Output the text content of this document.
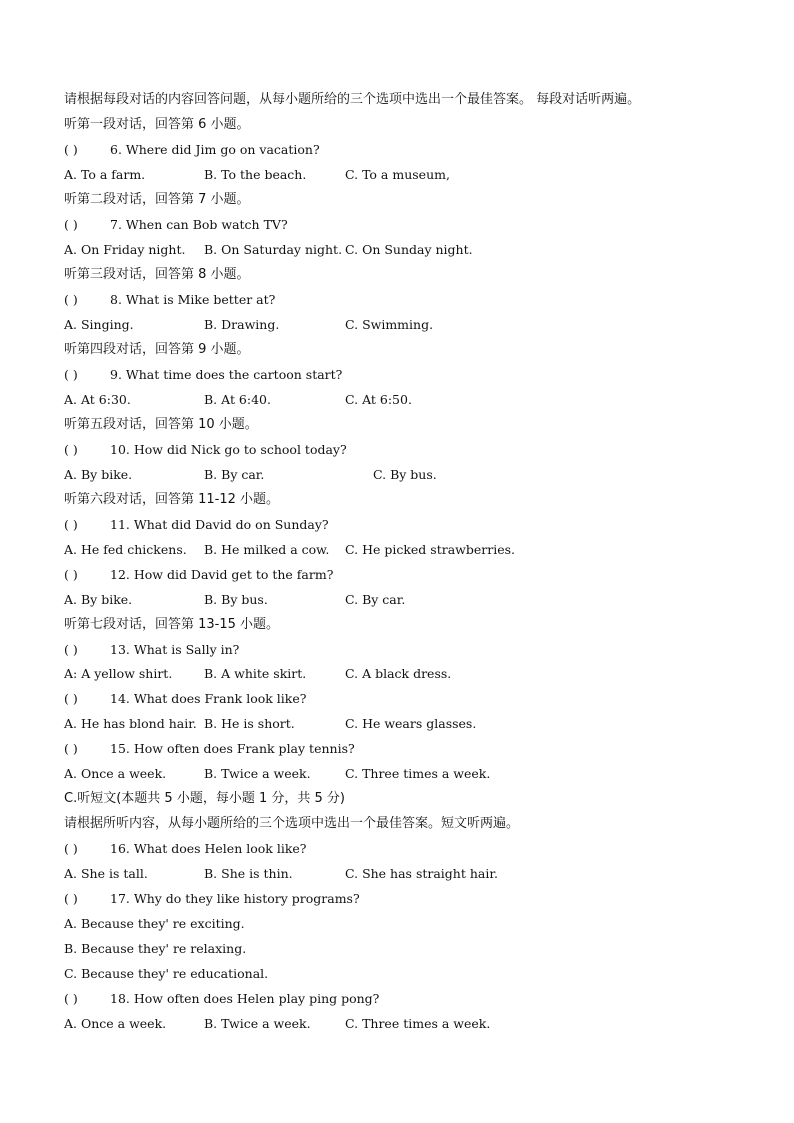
请根据每段对话的内容回答问题，从每小题所给的三个选项中选出一个最佳答案。 每段对话听两遍。
听第一段对话，回答第 6 小题。
( )	6. Where did Jim go on vacation?
A. To a farm.	B. To the beach.	C. To a museum,
听第二段对话，回答第 7 小题。
( )	7. When can Bob watch TV?
A. On Friday night. B. On Saturday night. C. On Sunday night.
听第三段对话，回答第 8 小题。
( )	8. What is Mike better at?
A. Singing.	B. Drawing.	C. Swimming.
听第四段对话，回答第 9 小题。
( )	9. What time does the cartoon start?
A. At 6:30.	B. At 6:40.	C. At 6:50.
听第五段对话，回答第 10 小题。
( )	10. How did Nick go to school today?
A. By bike.	B. By car.	C. By bus.
听第六段对话，回答第 11-12 小题。
( )	11. What did David do on Sunday?
A. He fed chickens. B. He milked a cow. C. He picked strawberries.
( )	12. How did David get to the farm?
A. By bike.	B. By bus.	C. By car.
听第七段对话，回答第 13-15 小题。
( )	13. What is Sally in?
A: A yellow shirt.	B. A white skirt.	C. A black dress.
( )	14. What does Frank look like?
A. He has blond hair. B. He is short.	C. He wears glasses.
( )	15. How often does Frank play tennis?
A. Once a week.	B. Twice a week.	C. Three times a week.
C.听短文(本题共 5 小题，每小题 1 分，共 5 分)
请根据所听内容，从每小题所给的三个选项中选出一个最佳答案。短文听两遍。
( )	16. What does Helen look like?
A. She is tall.	B. She is thin.	C. She has straight hair.
( )	17. Why do they like history programs?
A. Because they' re exciting.
B. Because they' re relaxing.
C. Because they' re educational.
( )	18. How often does Helen play ping pong?
A. Once a week.	B. Twice a week.	C. Three times a week.
